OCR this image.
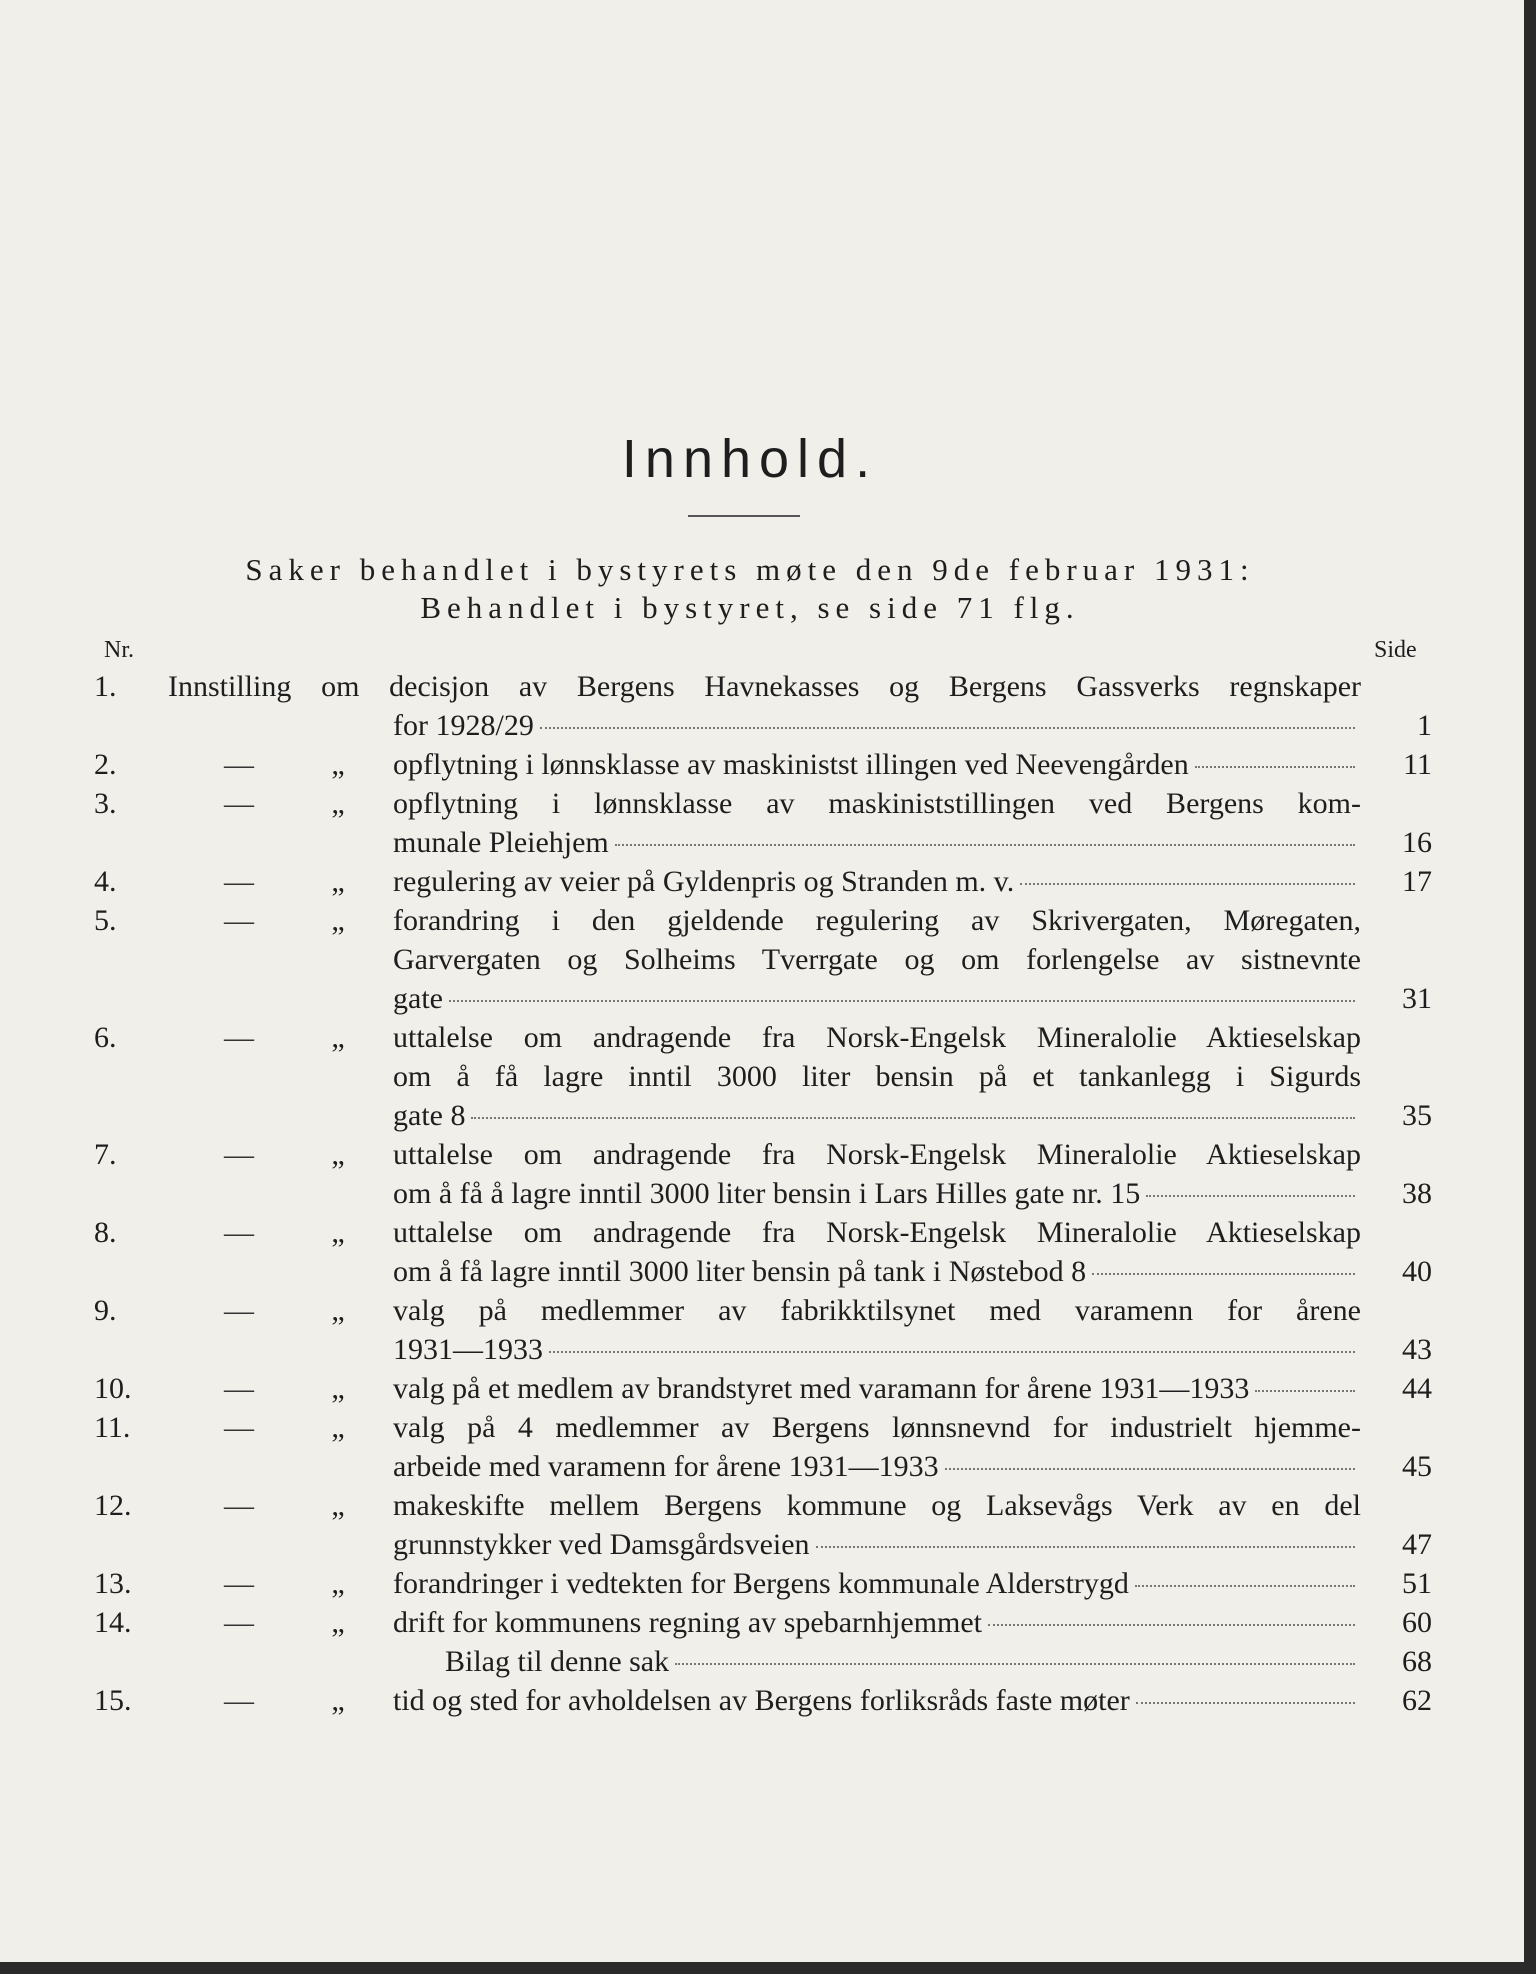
Innhold.

Saker behandlet i bystyrets møte den 9de februar 1931:

Behandlet i bystyret, se side 71 flg.

Nr.	Side
1.	Innstilling om decisjon av Bergens Havnekasses og Bergens Gassverks regnskaper
for 1928/29	1
2.	—	„	opflytning i lønnsklasse av maskinistst illingen ved Neevengården	11
3.	—	„	opflytning i lønnsklasse av maskiniststillingen ved Bergens kom-
munale Pleiehjem	16
4.	—	„	regulering av veier på Gyldenpris og Stranden m. v.	17
5.	—	„	forandring i den gjeldende regulering av Skrivergaten, Møregaten,
Garvergaten og Solheims Tverrgate og om forlengelse av sistnevnte
gate	31
6.	—	„	uttalelse om andragende fra Norsk-Engelsk Mineralolie Aktieselskap
om å få lagre inntil 3000 liter bensin på et tankanlegg i Sigurds
gate 8	35
7.	—	„	uttalelse om andragende fra Norsk-Engelsk Mineralolie Aktieselskap
om å få å lagre inntil 3000 liter bensin i Lars Hilles gate nr. 15	38
8.	—	„	uttalelse om andragende fra Norsk-Engelsk Mineralolie Aktieselskap
om å få lagre inntil 3000 liter bensin på tank i Nøstebod 8	40
9.	—	„	valg på medlemmer av fabrikktilsynet med varamenn for årene
1931—1933	43
10.	—	„	valg på et medlem av brandstyret med varamann for årene 1931—1933	44
11.	—	„	valg på 4 medlemmer av Bergens lønnsnevnd for industrielt hjemme-
arbeide med varamenn for årene 1931—1933	45
12.	—	„	makeskifte mellem Bergens kommune og Laksevågs Verk av en del
grunnstykker ved Damsgårdsveien	47
13.	—	„	forandringer i vedtekten for Bergens kommunale Alderstrygd	51
14.	—	„	drift for kommunens regning av spebarnhjemmet	60
Bilag til denne sak	68
15.	—	„	tid og sted for avholdelsen av Bergens forliksråds faste møter	62
